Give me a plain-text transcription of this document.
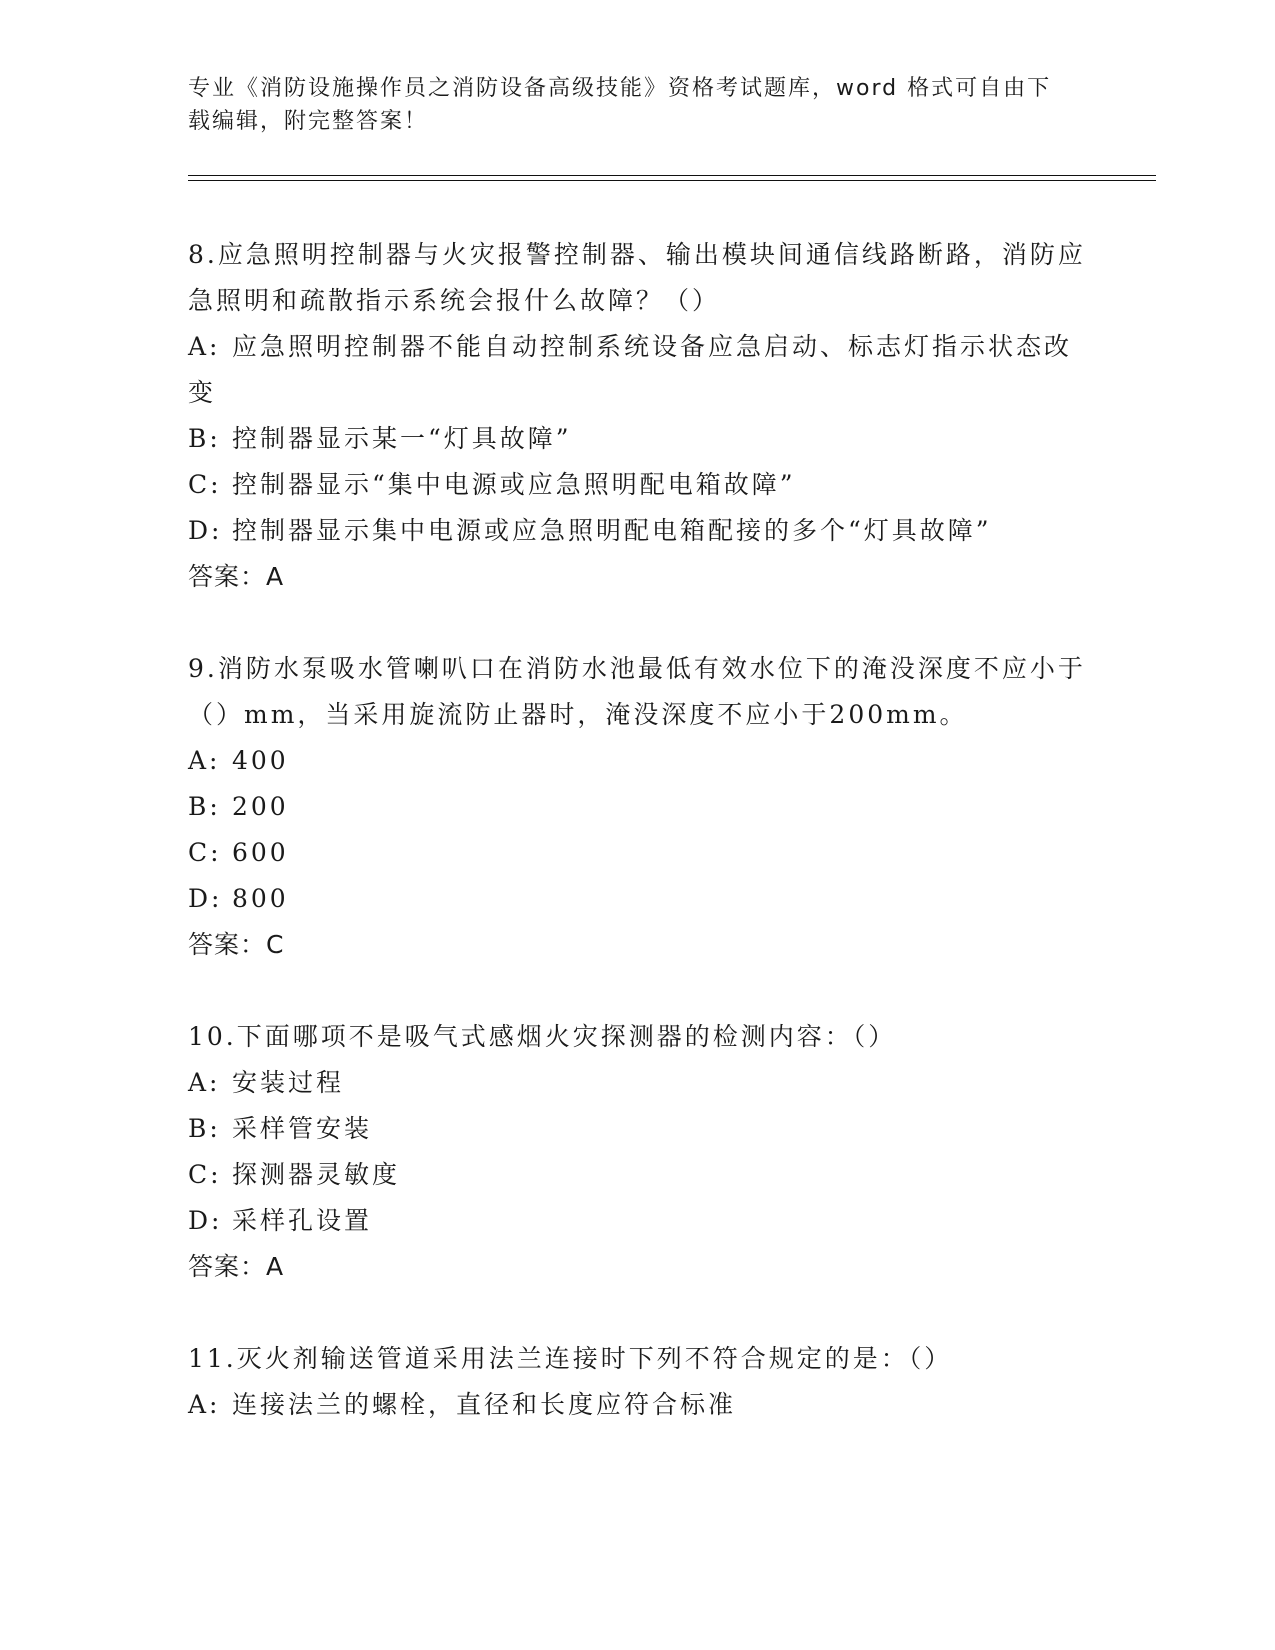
专业《消防设施操作员之消防设备高级技能》资格考试题库，word 格式可自由下载编辑，附完整答案！

8.应急照明控制器与火灾报警控制器、输出模块间通信线路断路，消防应急照明和疏散指示系统会报什么故障？（）

A: 应急照明控制器不能自动控制系统设备应急启动、标志灯指示状态改变

B: 控制器显示某一“灯具故障”

C: 控制器显示“集中电源或应急照明配电箱故障”

D: 控制器显示集中电源或应急照明配电箱配接的多个“灯具故障”

答案：A

9.消防水泵吸水管喇叭口在消防水池最低有效水位下的淹没深度不应小于（）mm，当采用旋流防止器时，淹没深度不应小于200mm。

A: 400

B: 200

C: 600

D: 800

答案：C

10.下面哪项不是吸气式感烟火灾探测器的检测内容：（）

A: 安装过程

B: 采样管安装

C: 探测器灵敏度

D: 采样孔设置

答案：A

11.灭火剂输送管道采用法兰连接时下列不符合规定的是：（）

A: 连接法兰的螺栓，直径和长度应符合标准
